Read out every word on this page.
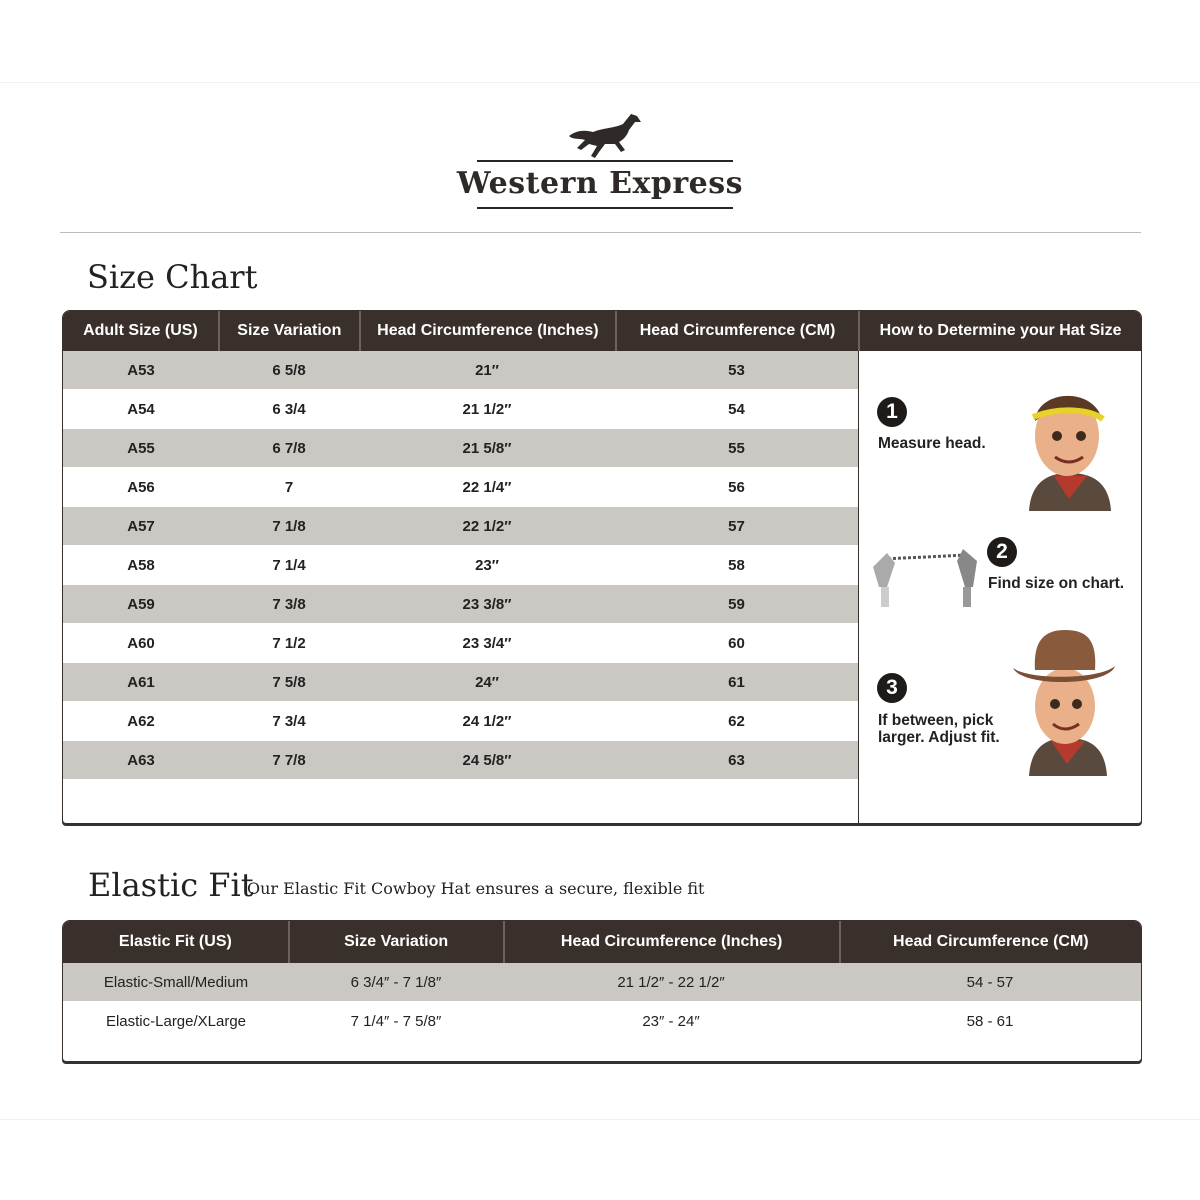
Western Express
Size Chart
Adult Size (US)	Size Variation	Head Circumference (Inches)	Head Circumference (CM)	How to Determine your Hat Size
A53	6 5/8	21″	53
A54	6 3/4	21 1/2″	54
A55	6 7/8	21 5/8″	55
A56	7	22 1/4″	56
A57	7 1/8	22 1/2″	57
A58	7 1/4	23″	58
A59	7 3/8	23 3/8″	59
A60	7 1/2	23 3/4″	60
A61	7 5/8	24″	61
A62	7 3/4	24 1/2″	62
A63	7 7/8	24 5/8″	63
1
Measure head.
2
Find size on chart.
3
If between, pick larger. Adjust fit.
Elastic Fit
Our Elastic Fit Cowboy Hat ensures a secure, flexible fit
Elastic Fit (US)	Size Variation	Head Circumference (Inches)	Head Circumference (CM)
Elastic-Small/Medium	6 3/4″ - 7 1/8″	21 1/2″ - 22 1/2″	54 - 57
Elastic-Large/XLarge	7 1/4″ - 7 5/8″	23″ - 24″	58 - 61
